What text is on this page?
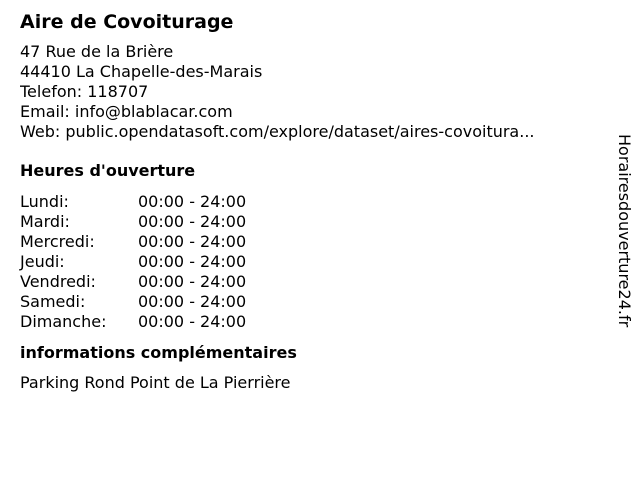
Aire de Covoiturage
47 Rue de la Brière
44410 La Chapelle-des-Marais
Telefon: 118707
Email: info@blablacar.com
Web: public.opendatasoft.com/explore/dataset/aires-covoitura...
Heures d'ouverture
Lundi:	00:00 - 24:00
Mardi:	00:00 - 24:00
Mercredi:	00:00 - 24:00
Jeudi:	00:00 - 24:00
Vendredi:	00:00 - 24:00
Samedi:	00:00 - 24:00
Dimanche:	00:00 - 24:00
informations complémentaires
Parking Rond Point de La Pierrière
Horairesdouverture24.fr
